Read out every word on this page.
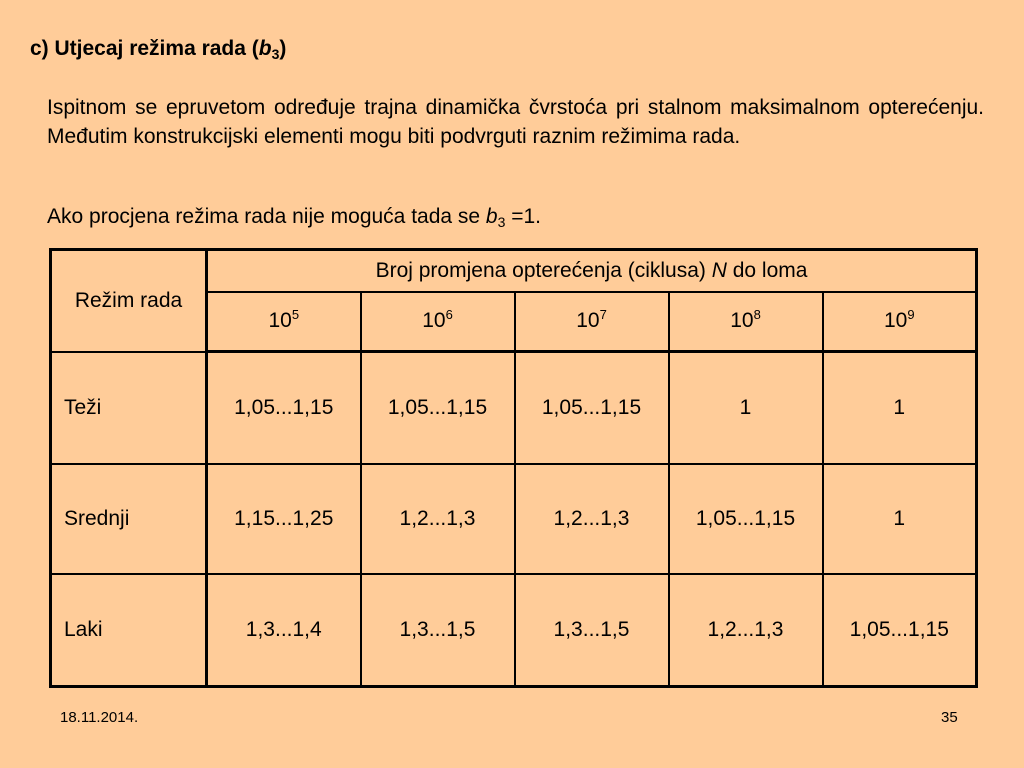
c) Utjecaj režima rada $(b_3)$
Ispitnom se epruvetom određuje trajna dinamička čvrstoća pri stalnom maksimalnom opterećenju. Međutim konstrukcijski elementi mogu biti podvrguti raznim režimima rada.
Ako procjena režima rada nije moguća tada se $b_3 =1$.
Režim rada	Broj promjena opterećenja (ciklusa) N do loma				
	$10^5$	$10^6$	$10^7$	$10^8$	$10^9$
Teži	1,05...1,15	1,05...1,15	1,05...1,15	1	1
Srednji	1,15...1,25	1,2...1,3	1,2...1,3	1,05...1,15	1
Laki	1,3...1,4	1,3...1,5	1,3...1,5	1,2...1,3	1,05...1,15
18.11.2014.	35
